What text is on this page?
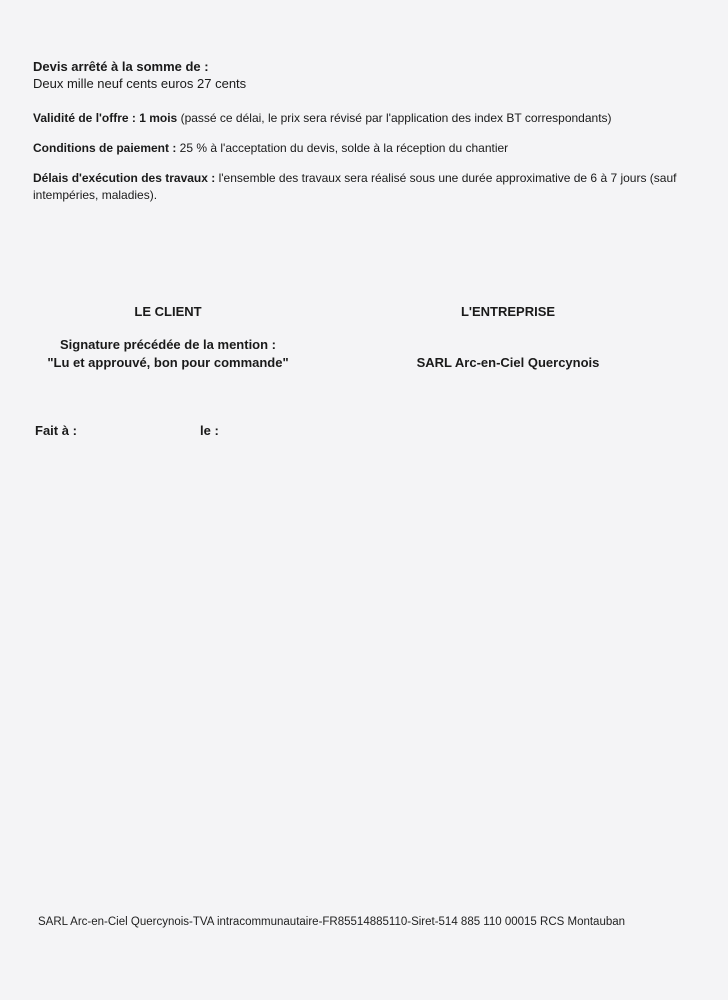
Devis arrêté à la somme de :
Deux mille neuf cents euros 27 cents
Validité de l'offre : 1 mois (passé ce délai, le prix sera révisé par l'application des index BT correspondants)
Conditions de paiement : 25 % à l'acceptation du devis, solde à la réception du chantier
Délais d'exécution des travaux : l'ensemble des travaux sera réalisé sous une durée approximative de 6 à 7 jours (sauf intempéries, maladies).
LE CLIENT
Signature précédée de la mention :
"Lu et approuvé, bon pour commande"
L'ENTREPRISE
SARL Arc-en-Ciel Quercynois
Fait à :	le :
SARL Arc-en-Ciel Quercynois-TVA intracommunautaire-FR85514885110-Siret-514 885 110 00015 RCS Montauban
